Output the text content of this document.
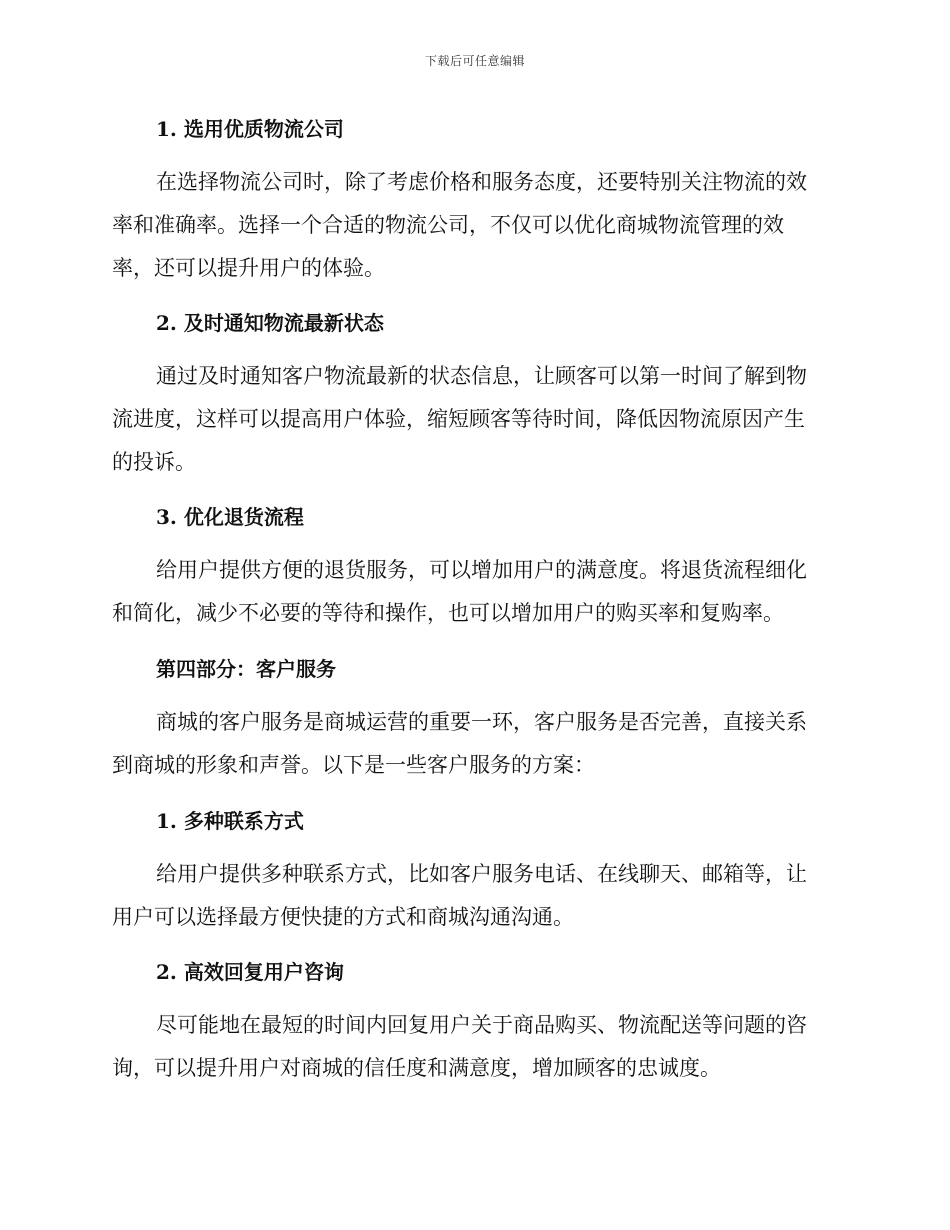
下载后可任意编辑
1. 选用优质物流公司
在选择物流公司时，除了考虑价格和服务态度，还要特别关注物流的效
率和准确率。选择一个合适的物流公司，不仅可以优化商城物流管理的效
率，还可以提升用户的体验。
2. 及时通知物流最新状态
通过及时通知客户物流最新的状态信息，让顾客可以第一时间了解到物
流进度，这样可以提高用户体验，缩短顾客等待时间，降低因物流原因产生
的投诉。
3. 优化退货流程
给用户提供方便的退货服务，可以增加用户的满意度。将退货流程细化
和简化，减少不必要的等待和操作，也可以增加用户的购买率和复购率。
第四部分：客户服务
商城的客户服务是商城运营的重要一环，客户服务是否完善，直接关系
到商城的形象和声誉。以下是一些客户服务的方案：
1. 多种联系方式
给用户提供多种联系方式，比如客户服务电话、在线聊天、邮箱等，让
用户可以选择最方便快捷的方式和商城沟通沟通。
2. 高效回复用户咨询
尽可能地在最短的时间内回复用户关于商品购买、物流配送等问题的咨
询，可以提升用户对商城的信任度和满意度，增加顾客的忠诚度。
